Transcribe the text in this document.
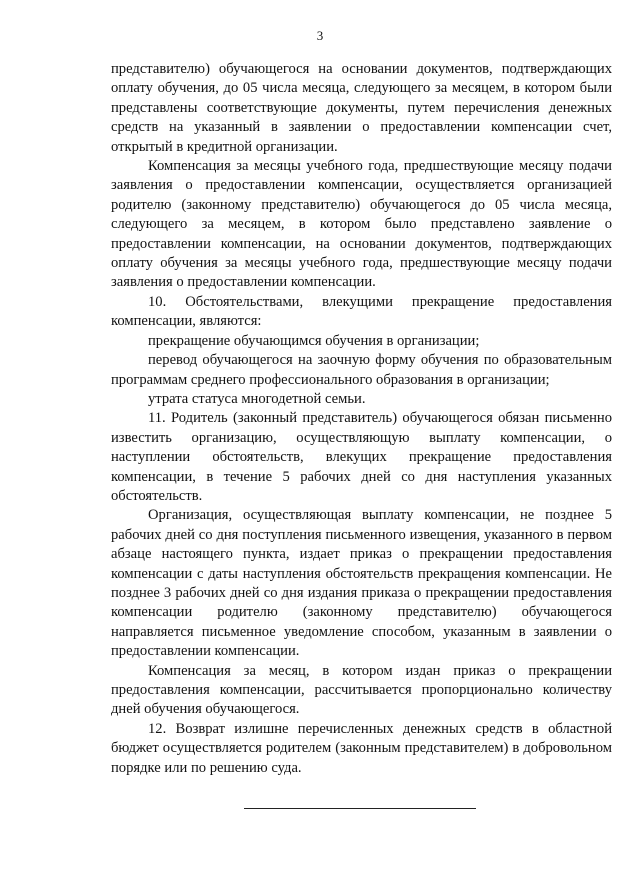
3

представителю) обучающегося на основании документов, подтверждающих оплату обучения, до 05 числа месяца, следующего за месяцем, в котором были представлены соответствующие документы, путем перечисления денежных средств на указанный в заявлении о предоставлении компенсации счет, открытый в кредитной организации.

Компенсация за месяцы учебного года, предшествующие месяцу подачи заявления о предоставлении компенсации, осуществляется организацией родителю (законному представителю) обучающегося до 05 числа месяца, следующего за месяцем, в котором было представлено заявление о предоставлении компенсации, на основании документов, подтверждающих оплату обучения за месяцы учебного года, предшествующие месяцу подачи заявления о предоставлении компенсации.

10. Обстоятельствами, влекущими прекращение предоставления компенсации, являются:

прекращение обучающимся обучения в организации;

перевод обучающегося на заочную форму обучения по образовательным программам среднего профессионального образования в организации;

утрата статуса многодетной семьи.

11. Родитель (законный представитель) обучающегося обязан письменно известить организацию, осуществляющую выплату компенсации, о наступлении обстоятельств, влекущих прекращение предоставления компенсации, в течение 5 рабочих дней со дня наступления указанных обстоятельств.

Организация, осуществляющая выплату компенсации, не позднее 5 рабочих дней со дня поступления письменного извещения, указанного в первом абзаце настоящего пункта, издает приказ о прекращении предоставления компенсации с даты наступления обстоятельств прекращения компенсации. Не позднее 3 рабочих дней со дня издания приказа о прекращении предоставления компенсации родителю (законному представителю) обучающегося направляется письменное уведомление способом, указанным в заявлении о предоставлении компенсации.

Компенсация за месяц, в котором издан приказ о прекращении предоставления компенсации, рассчитывается пропорционально количеству дней обучения обучающегося.

12. Возврат излишне перечисленных денежных средств в областной бюджет осуществляется родителем (законным представителем) в добровольном порядке или по решению суда.
